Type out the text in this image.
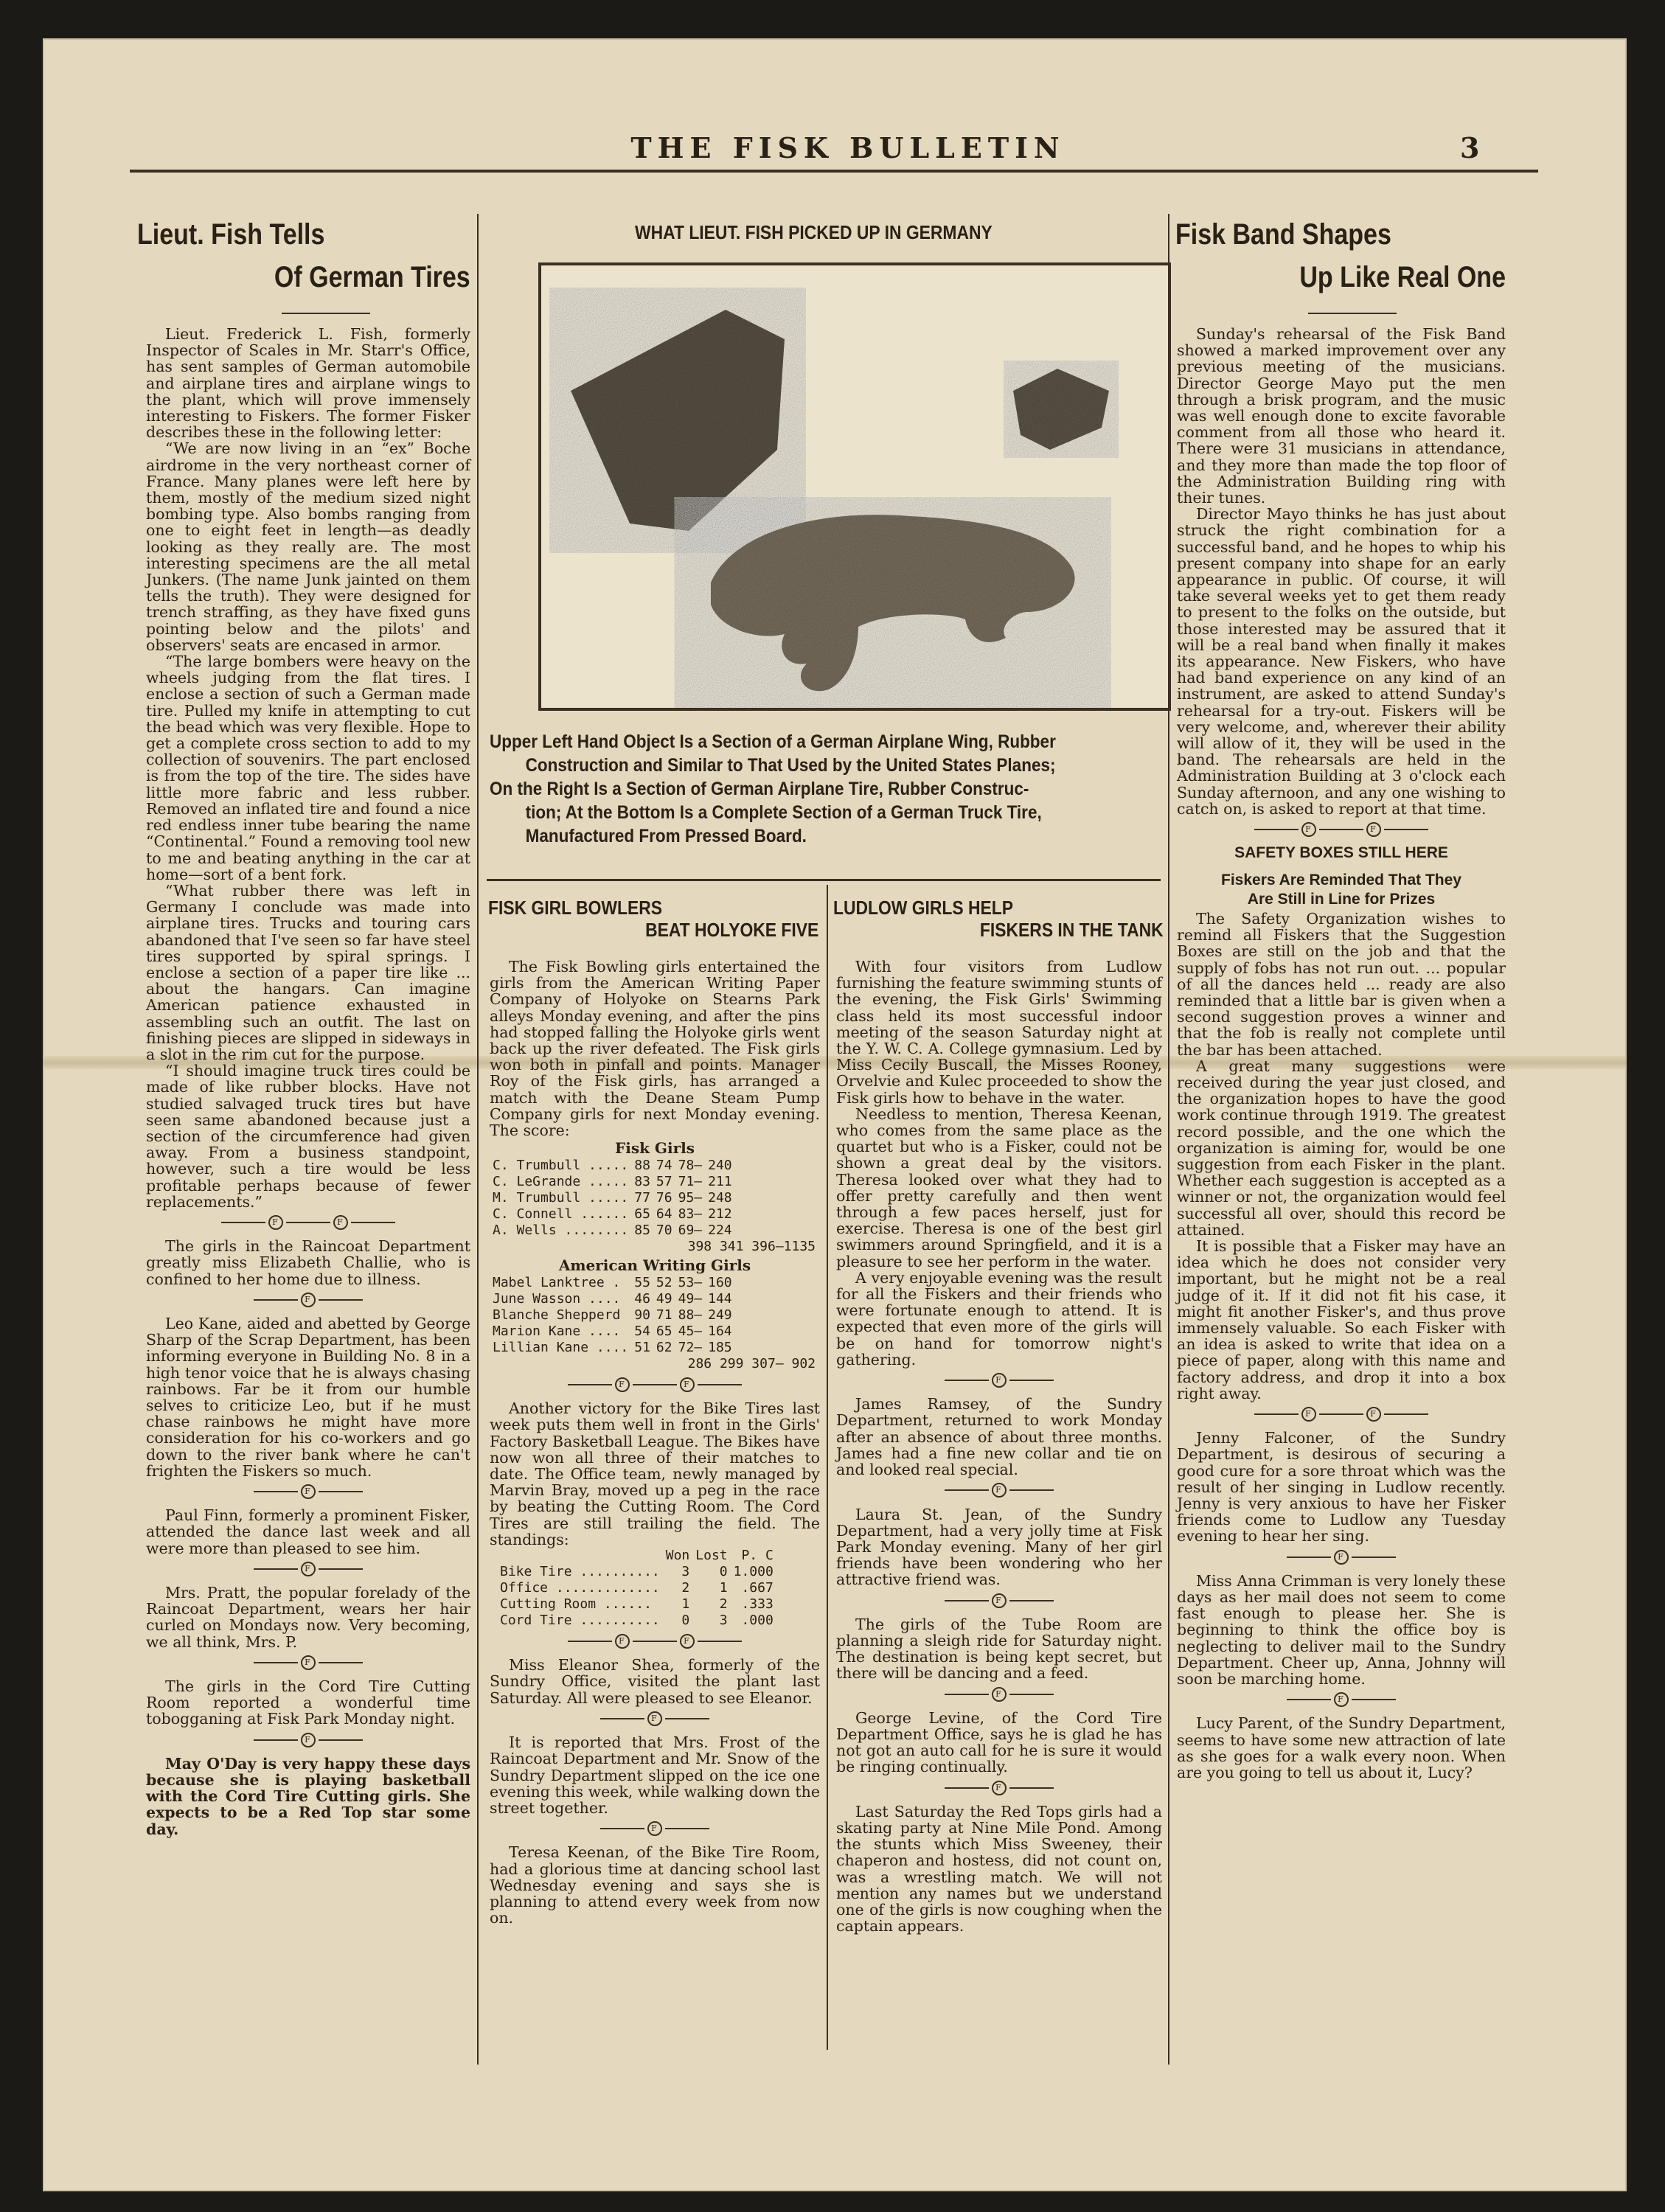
THE FISK BULLETIN	3
Lieut. Fish Tells
Of German Tires

Lieut. Frederick L. Fish, formerly Inspector of Scales in Mr. Starr's Office, has sent samples of German automobile and airplane tires and airplane wings to the plant, which will prove immensely interesting to Fiskers. The former Fisker describes these in the following letter:

“We are now living in an “ex” Boche airdrome in the very northeast corner of France. Many planes were left here by them, mostly of the medium sized night bombing type. Also bombs ranging from one to eight feet in length—as deadly looking as they really are. The most interesting specimens are the all metal Junkers. (The name Junk jainted on them tells the truth). They were designed for trench straffing, as they have fixed guns pointing below and the pilots' and observers' seats are encased in armor.

“The large bombers were heavy on the wheels judging from the flat tires. I enclose a section of such a German made tire. Pulled my knife in attempting to cut the bead which was very flexible. Hope to get a complete cross section to add to my collection of souvenirs. The part enclosed is from the top of the tire. The sides have little more fabric and less rubber. Removed an inflated tire and found a nice red endless inner tube bearing the name “Continental.” Found a removing tool new to me and beating anything in the car at home—sort of a bent fork.

“What rubber there was left in Germany I conclude was made into airplane tires. Trucks and touring cars abandoned that I've seen so far have steel tires supported by spiral springs. I enclose a section of a paper tire like ... about the hangars. Can imagine American patience exhausted in assembling such an outfit. The last on finishing pieces are slipped in sideways in a slot in the rim cut for the purpose.

“I should imagine truck tires could be made of like rubber blocks. Have not studied salvaged truck tires but have seen same abandoned because just a section of the circumference had given away. From a business standpoint, however, such a tire would be less profitable perhaps because of fewer replacements.”

F	F

The girls in the Raincoat Department greatly miss Elizabeth Challie, who is confined to her home due to illness.

F

Leo Kane, aided and abetted by George Sharp of the Scrap Department, has been informing everyone in Building No. 8 in a high tenor voice that he is always chasing rainbows. Far be it from our humble selves to criticize Leo, but if he must chase rainbows he might have more consideration for his co-workers and go down to the river bank where he can't frighten the Fiskers so much.

F

Paul Finn, formerly a prominent Fisker, attended the dance last week and all were more than pleased to see him.

F

Mrs. Pratt, the popular forelady of the Raincoat Department, wears her hair curled on Mondays now. Very becoming, we all think, Mrs. P.

F

The girls in the Cord Tire Cutting Room reported a wonderful time tobogganing at Fisk Park Monday night.

F

May O'Day is very happy these days because she is playing basketball with the Cord Tire Cutting girls. She expects to be a Red Top star some day.

WHAT LIEUT. FISH PICKED UP IN GERMANY
Upper Left Hand Object Is a Section of a German Airplane Wing, Rubber
Construction and Similar to That Used by the United States Planes;
On the Right Is a Section of German Airplane Tire, Rubber Construc-
tion; At the Bottom Is a Complete Section of a German Truck Tire,
Manufactured From Pressed Board.
FISK GIRL BOWLERS
BEAT HOLYOKE FIVE

The Fisk Bowling girls entertained the girls from the American Writing Paper Company of Holyoke on Stearns Park alleys Monday evening, and after the pins had stopped falling the Holyoke girls went back up the river defeated. The Fisk girls won both in pinfall and points. Manager Roy of the Fisk girls, has arranged a match with the Deane Steam Pump Company girls for next Monday evening. The score:

Fisk Girls
C. Trumbull .....	88	74	78—	240
C. LeGrande .....	83	57	71—	211
M. Trumbull .....	77	76	95—	248
C. Connell ......	65	64	83—	212
A. Wells ........	85	70	69—	224
398 341 396—1135
American Writing Girls
Mabel Lanktree .	55	52	53—	160
June Wasson ....	46	49	49—	144
Blanche Shepperd	90	71	88—	249
Marion Kane ....	54	65	45—	164
Lillian Kane ....	51	62	72—	185
286 299 307— 902
F	F

Another victory for the Bike Tires last week puts them well in front in the Girls' Factory Basketball League. The Bikes have now won all three of their matches to date. The Office team, newly managed by Marvin Bray, moved up a peg in the race by beating the Cutting Room. The Cord Tires are still trailing the field. The standings:

	Won	Lost	P. C
Bike Tire ..........	3	0	1.000
Office .............	2	1	.667
Cutting Room ......	1	2	.333
Cord Tire ..........	0	3	.000
F	F

Miss Eleanor Shea, formerly of the Sundry Office, visited the plant last Saturday. All were pleased to see Eleanor.

F

It is reported that Mrs. Frost of the Raincoat Department and Mr. Snow of the Sundry Department slipped on the ice one evening this week, while walking down the street together.

F

Teresa Keenan, of the Bike Tire Room, had a glorious time at dancing school last Wednesday evening and says she is planning to attend every week from now on.

LUDLOW GIRLS HELP
FISKERS IN THE TANK

With four visitors from Ludlow furnishing the feature swimming stunts of the evening, the Fisk Girls' Swimming class held its most successful indoor meeting of the season Saturday night at the Y. W. C. A. College gymnasium. Led by Miss Cecily Buscall, the Misses Rooney, Orvelvie and Kulec proceeded to show the Fisk girls how to behave in the water.

Needless to mention, Theresa Keenan, who comes from the same place as the quartet but who is a Fisker, could not be shown a great deal by the visitors. Theresa looked over what they had to offer pretty carefully and then went through a few paces herself, just for exercise. Theresa is one of the best girl swimmers around Springfield, and it is a pleasure to see her perform in the water.

A very enjoyable evening was the result for all the Fiskers and their friends who were fortunate enough to attend. It is expected that even more of the girls will be on hand for tomorrow night's gathering.

F

James Ramsey, of the Sundry Department, returned to work Monday after an absence of about three months. James had a fine new collar and tie on and looked real special.

F

Laura St. Jean, of the Sundry Department, had a very jolly time at Fisk Park Monday evening. Many of her girl friends have been wondering who her attractive friend was.

F

The girls of the Tube Room are planning a sleigh ride for Saturday night. The destination is being kept secret, but there will be dancing and a feed.

F

George Levine, of the Cord Tire Department Office, says he is glad he has not got an auto call for he is sure it would be ringing continually.

F

Last Saturday the Red Tops girls had a skating party at Nine Mile Pond. Among the stunts which Miss Sweeney, their chaperon and hostess, did not count on, was a wrestling match. We will not mention any names but we understand one of the girls is now coughing when the captain appears.

Fisk Band Shapes
Up Like Real One

Sunday's rehearsal of the Fisk Band showed a marked improvement over any previous meeting of the musicians. Director George Mayo put the men through a brisk program, and the music was well enough done to excite favorable comment from all those who heard it. There were 31 musicians in attendance, and they more than made the top floor of the Administration Building ring with their tunes.

Director Mayo thinks he has just about struck the right combination for a successful band, and he hopes to whip his present company into shape for an early appearance in public. Of course, it will take several weeks yet to get them ready to present to the folks on the outside, but those interested may be assured that it will be a real band when finally it makes its appearance. New Fiskers, who have had band experience on any kind of an instrument, are asked to attend Sunday's rehearsal for a try-out. Fiskers will be very welcome, and, wherever their ability will allow of it, they will be used in the band. The rehearsals are held in the Administration Building at 3 o'clock each Sunday afternoon, and any one wishing to catch on, is asked to report at that time.

F	F
SAFETY BOXES STILL HERE
Fiskers Are Reminded That They
Are Still in Line for Prizes

The Safety Organization wishes to remind all Fiskers that the Suggestion Boxes are still on the job and that the supply of fobs has not run out. ... popular of all the dances held ... ready are also reminded that a little bar is given when a second suggestion proves a winner and that the fob is really not complete until the bar has been attached.

A great many suggestions were received during the year just closed, and the organization hopes to have the good work continue through 1919. The greatest record possible, and the one which the organization is aiming for, would be one suggestion from each Fisker in the plant. Whether each suggestion is accepted as a winner or not, the organization would feel successful all over, should this record be attained.

It is possible that a Fisker may have an idea which he does not consider very important, but he might not be a real judge of it. If it did not fit his case, it might fit another Fisker's, and thus prove immensely valuable. So each Fisker with an idea is asked to write that idea on a piece of paper, along with this name and factory address, and drop it into a box right away.

F	F

Jenny Falconer, of the Sundry Department, is desirous of securing a good cure for a sore throat which was the result of her singing in Ludlow recently. Jenny is very anxious to have her Fisker friends come to Ludlow any Tuesday evening to hear her sing.

F

Miss Anna Crimman is very lonely these days as her mail does not seem to come fast enough to please her. She is beginning to think the office boy is neglecting to deliver mail to the Sundry Department. Cheer up, Anna, Johnny will soon be marching home.

F

Lucy Parent, of the Sundry Department, seems to have some new attraction of late as she goes for a walk every noon. When are you going to tell us about it, Lucy?
